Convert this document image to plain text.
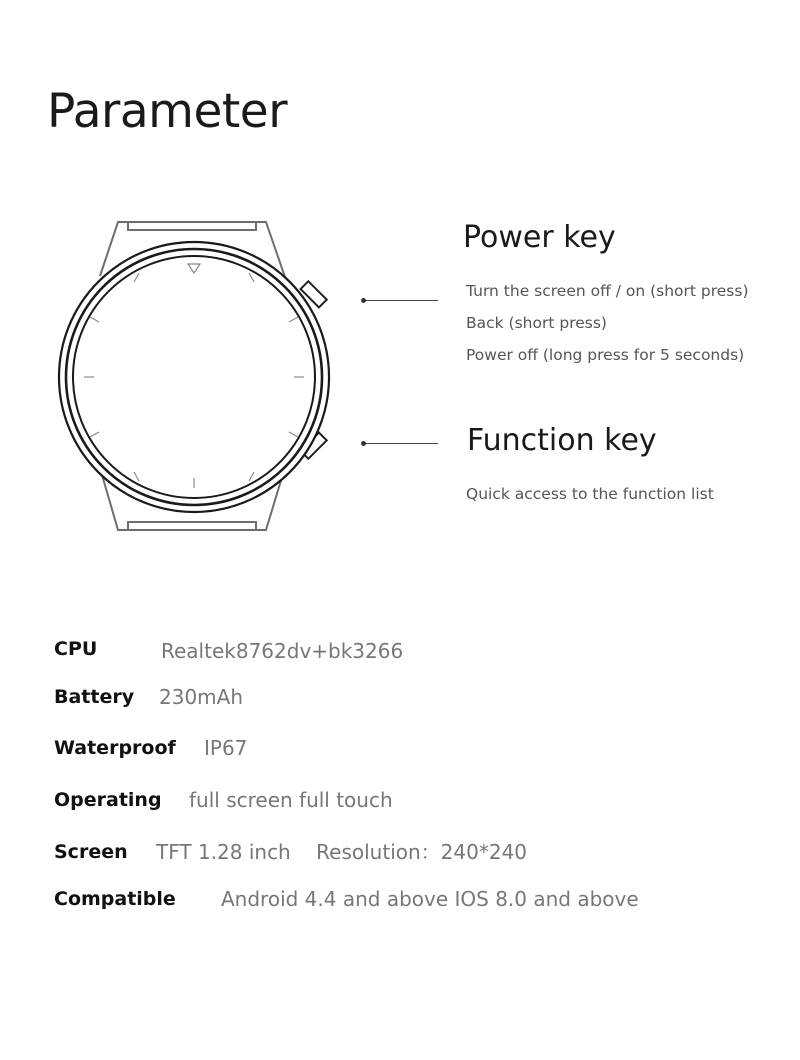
Parameter
Power key
Turn the screen off / on (short press)
Back (short press)
Power off (long press for 5 seconds)
Function key
Quick access to the function list
CPU	Realtek8762dv+bk3266
Battery 230mAh
Waterproof IP67
Operating full screen full touch
Screen TFT 1.28 inch    Resolution：240*240
Compatible Android 4.4 and above IOS 8.0 and above
